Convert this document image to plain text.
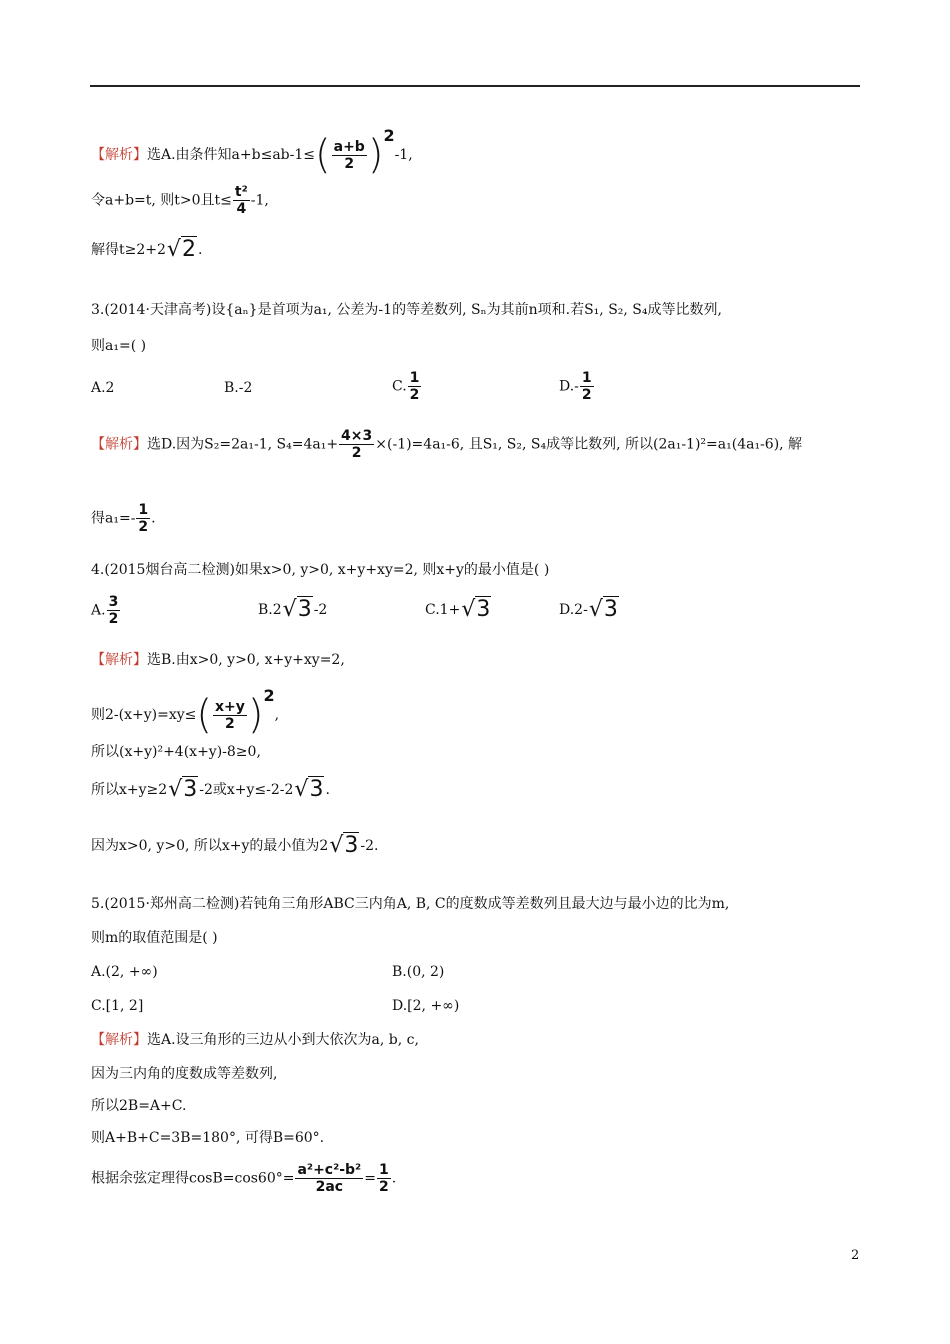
【解析】选A.由条件知$a+b\le ab-1\le( \frac{a+b}{2} )2-1$,
令a+b=t, 则t>0且$t\le \frac{\text{t²}}{4} -1$,
解得t≥2+2√2 .
3.(2014·天津高考)设{aₙ}是首项为a₁, 公差为-1的等差数列, Sₙ为其前n项和.若S₁, S₂, S₄成等比数列,
则a₁=( )
A.2	B.-2	C. $\frac{1}{2}$	$D.- \frac{1}{2}$
【解析】选D.因为S₂=2a₁-1, $S_4=4a_1+ \frac{4\times 3}{2} \times(-1)=4a_1-6$, 且S₁, S₂, S₄成等比数列, 所以(2a₁-1)²=a₁(4a₁-6), 解
得$a_1=- \frac{1}{2}$ .
4.(2015烟台高二检测)如果x>0, y>0, x+y+xy=2, 则x+y的最小值是( )
A. $\frac{3}{2}$	B.2√3 -2	C.1+√3	D.2-√3
【解析】选B.由x>0, y>0, x+y+xy=2,
则$2-(x+y)=xy\le( \frac{x+y}{2} )2$,
所以(x+y)²+4(x+y)-8≥0,
所以x+y≥2√3 -2或x+y≤-2-2√3 .
因为x>0, y>0, 所以x+y的最小值为2√3 -2.
5.(2015·郑州高二检测)若钝角三角形ABC三内角A, B, C的度数成等差数列且最大边与最小边的比为m,
则m的取值范围是( )
A.(2, +∞)	B.(0, 2)
C.[1, 2]	D.[2, +∞)
【解析】选A.设三角形的三边从小到大依次为a, b, c,
因为三内角的度数成等差数列,
所以2B=A+C.
则A+B+C=3B=180°, 可得B=60°.
根据余弦定理得$\cos B=\cos 60^\circ= \frac{\text{a²+c²-b²}}{2ac} = \frac{1}{2}$ .
2
